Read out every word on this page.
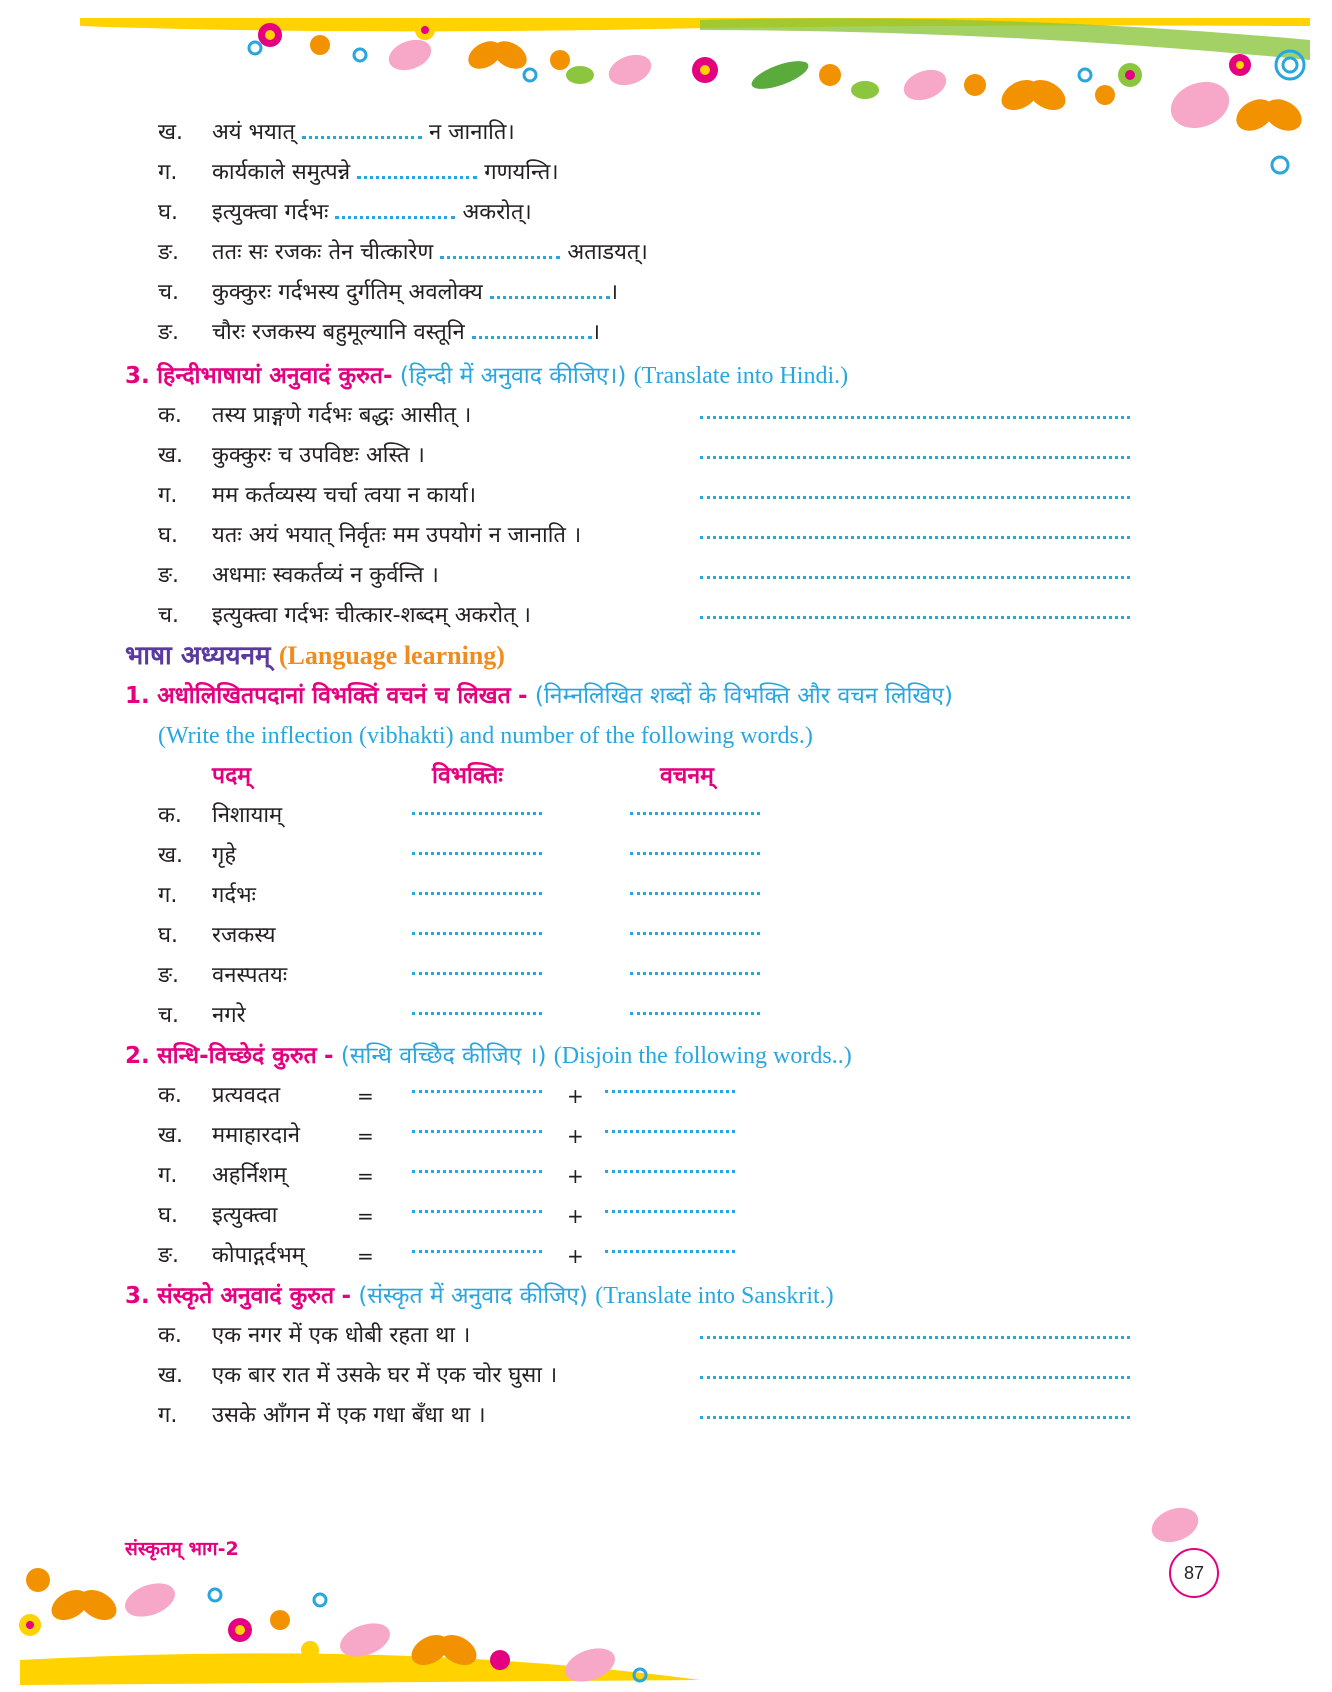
ख. अयं भयात्	न जानाति।
ग. कार्यकाले समुत्पन्ने	गणयन्ति।
घ. इत्युक्त्वा गर्दभः	अकरोत्।
ङ. ततः सः रजकः तेन चीत्कारेण	अताडयत्।
च. कुक्कुरः गर्दभस्य दुर्गतिम् अवलोक्य	।
ङ. चौरः रजकस्य बहुमूल्यानि वस्तूनि	।
3. हिन्दीभाषायां अनुवादं कुरुत- (हिन्दी में अनुवाद कीजिए।) (Translate into Hindi.)
क. तस्य प्राङ्गणे गर्दभः बद्धः आसीत् ।
ख. कुक्कुरः च उपविष्टः अस्ति ।
ग. मम कर्तव्यस्य चर्चा त्वया न कार्या।
घ. यतः अयं भयात् निर्वृतः मम उपयोगं न जानाति ।
ङ. अधमाः स्वकर्तव्यं न कुर्वन्ति ।
च. इत्युक्त्वा गर्दभः चीत्कार-शब्दम् अकरोत् ।
भाषा अध्ययनम् (Language learning)
1. अधोलिखितपदानां विभक्तिं वचनं च लिखत - (निम्नलिखित शब्दों के विभक्ति और वचन लिखिए)
(Write the inflection (vibhakti) and number of the following words.)
पदम्	विभक्तिः	वचनम्
क. निशायाम्
ख. गृहे
ग. गर्दभः
घ. रजकस्य
ङ. वनस्पतयः
च. नगरे
2. सन्धि-विच्छेदं कुरुत - (सन्धि वच्छिेद कीजिए ।) (Disjoin the following words..)
क. प्रत्यवदत	=	+
ख. ममाहारदाने	=	+
ग. अहर्निशम्	=	+
घ. इत्युक्त्वा	=	+
ङ. कोपाद्गर्दभम्	=	+
3. संस्कृते अनुवादं कुरुत - (संस्कृत में अनुवाद कीजिए) (Translate into Sanskrit.)
क. एक नगर में एक धोबी रहता था ।
ख. एक बार रात में उसके घर में एक चोर घुसा ।
ग. उसके आँगन में एक गधा बँधा था ।
संस्कृतम् भाग-2
87
